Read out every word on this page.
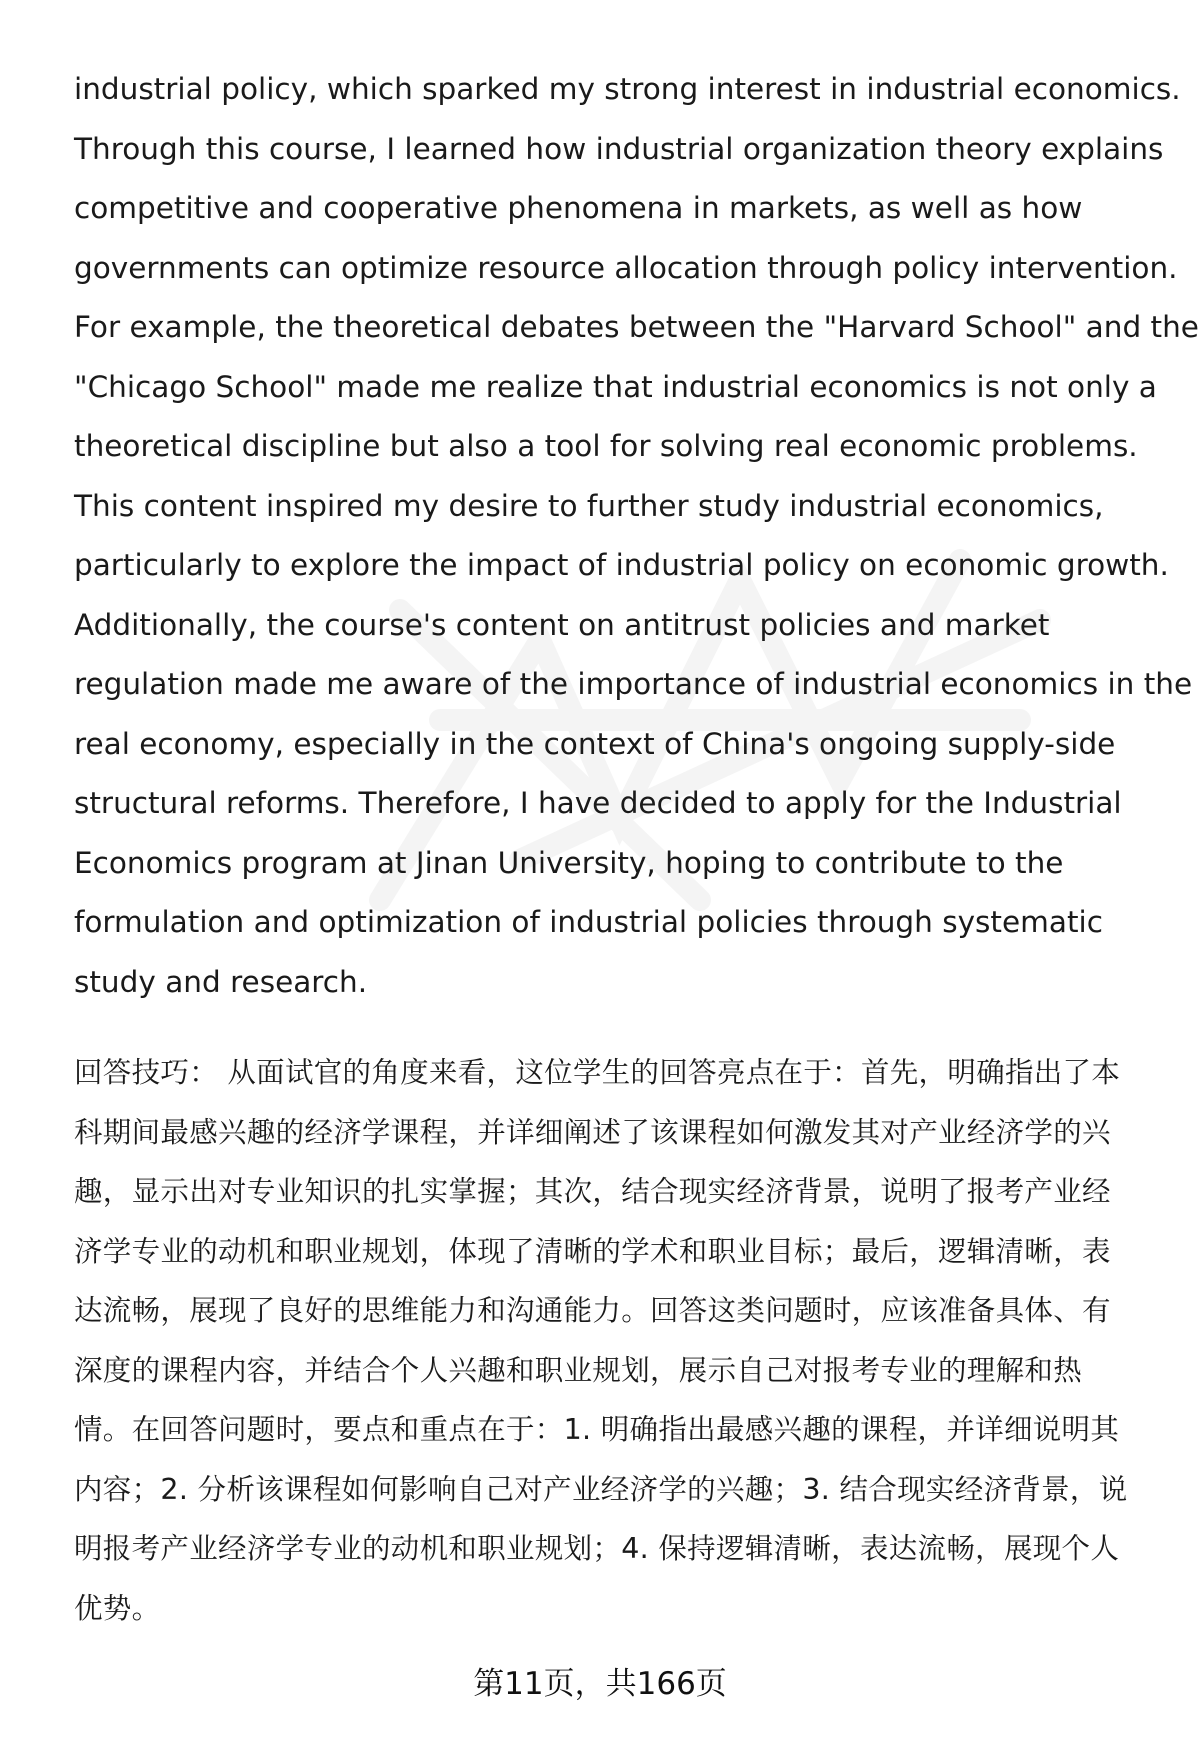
industrial policy, which sparked my strong interest in industrial economics.
Through this course, I learned how industrial organization theory explains
competitive and cooperative phenomena in markets, as well as how
governments can optimize resource allocation through policy intervention.
For example, the theoretical debates between the "Harvard School" and the
"Chicago School" made me realize that industrial economics is not only a
theoretical discipline but also a tool for solving real economic problems.
This content inspired my desire to further study industrial economics,
particularly to explore the impact of industrial policy on economic growth.
Additionally, the course's content on antitrust policies and market
regulation made me aware of the importance of industrial economics in the
real economy, especially in the context of China's ongoing supply-side
structural reforms. Therefore, I have decided to apply for the Industrial
Economics program at Jinan University, hoping to contribute to the
formulation and optimization of industrial policies through systematic
study and research.

回答技巧： 从面试官的角度来看，这位学生的回答亮点在于：首先，明确指出了本
科期间最感兴趣的经济学课程，并详细阐述了该课程如何激发其对产业经济学的兴
趣，显示出对专业知识的扎实掌握；其次，结合现实经济背景，说明了报考产业经
济学专业的动机和职业规划，体现了清晰的学术和职业目标；最后，逻辑清晰，表
达流畅，展现了良好的思维能力和沟通能力。回答这类问题时，应该准备具体、有
深度的课程内容，并结合个人兴趣和职业规划，展示自己对报考专业的理解和热
情。在回答问题时，要点和重点在于：1. 明确指出最感兴趣的课程，并详细说明其
内容；2. 分析该课程如何影响自己对产业经济学的兴趣；3. 结合现实经济背景，说
明报考产业经济学专业的动机和职业规划；4. 保持逻辑清晰，表达流畅，展现个人
优势。

第11页，共166页
